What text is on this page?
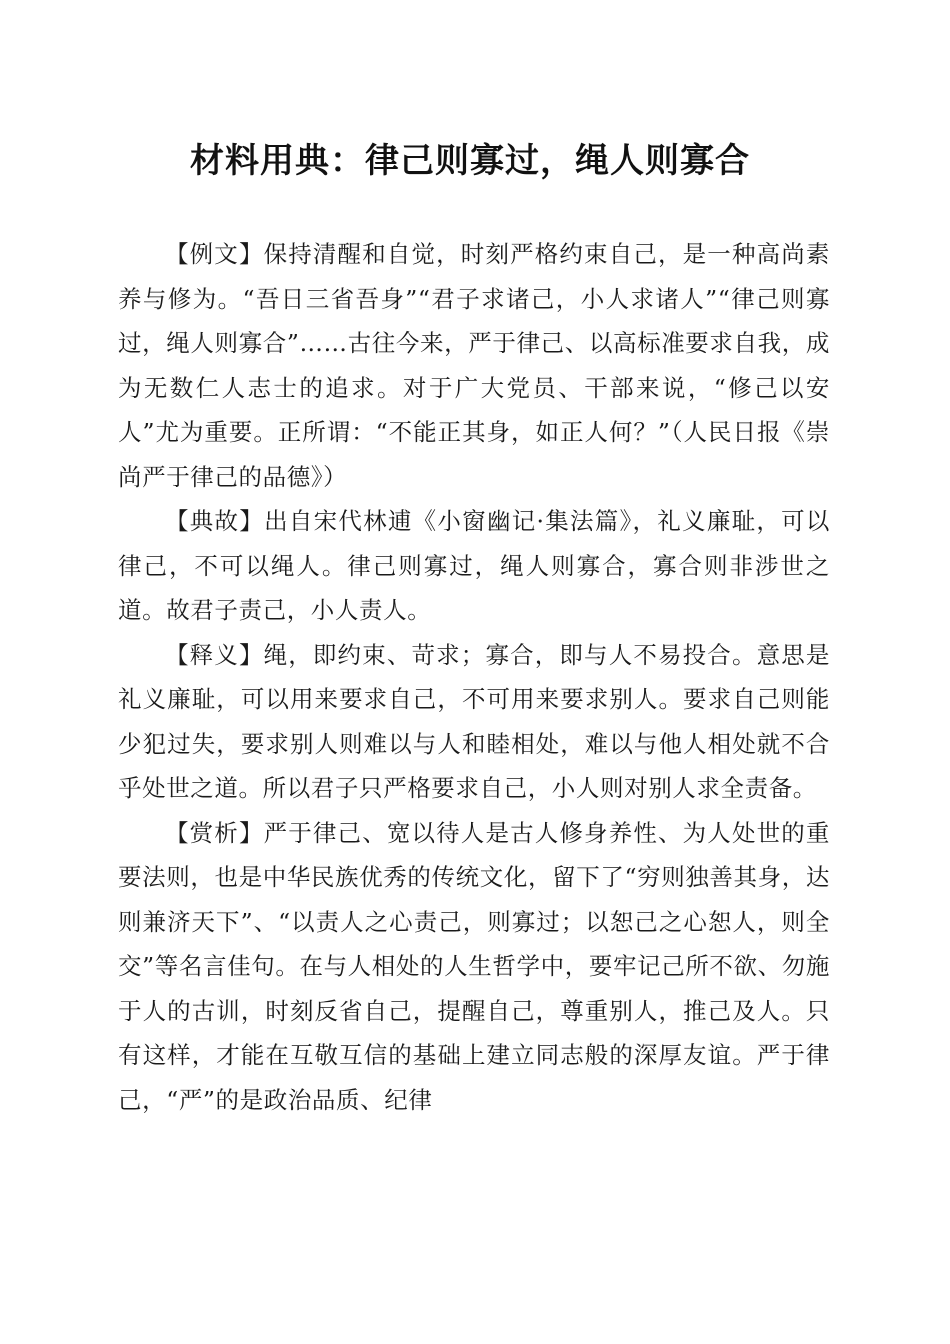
材料用典：律己则寡过，绳人则寡合

【例文】保持清醒和自觉，时刻严格约束自己，是一种高尚素养与修为。“吾日三省吾身”“君子求诸己，小人求诸人”“律己则寡过，绳人则寡合”……古往今来，严于律己、以高标准要求自我，成为无数仁人志士的追求。对于广大党员、干部来说，“修己以安人”尤为重要。正所谓：“不能正其身，如正人何？”（人民日报《崇尚严于律己的品德》）

【典故】出自宋代林逋《小窗幽记·集法篇》，礼义廉耻，可以律己，不可以绳人。律己则寡过，绳人则寡合，寡合则非涉世之道。故君子责己，小人责人。

【释义】绳，即约束、苛求；寡合，即与人不易投合。意思是礼义廉耻，可以用来要求自己，不可用来要求别人。要求自己则能少犯过失，要求别人则难以与人和睦相处，难以与他人相处就不合乎处世之道。所以君子只严格要求自己，小人则对别人求全责备。

【赏析】严于律己、宽以待人是古人修身养性、为人处世的重要法则，也是中华民族优秀的传统文化，留下了“穷则独善其身，达则兼济天下”、“以责人之心责己，则寡过；以恕己之心恕人，则全交”等名言佳句。在与人相处的人生哲学中，要牢记己所不欲、勿施于人的古训，时刻反省自己，提醒自己，尊重别人，推己及人。只有这样，才能在互敬互信的基础上建立同志般的深厚友谊。严于律己，“严”的是政治品质、纪律
